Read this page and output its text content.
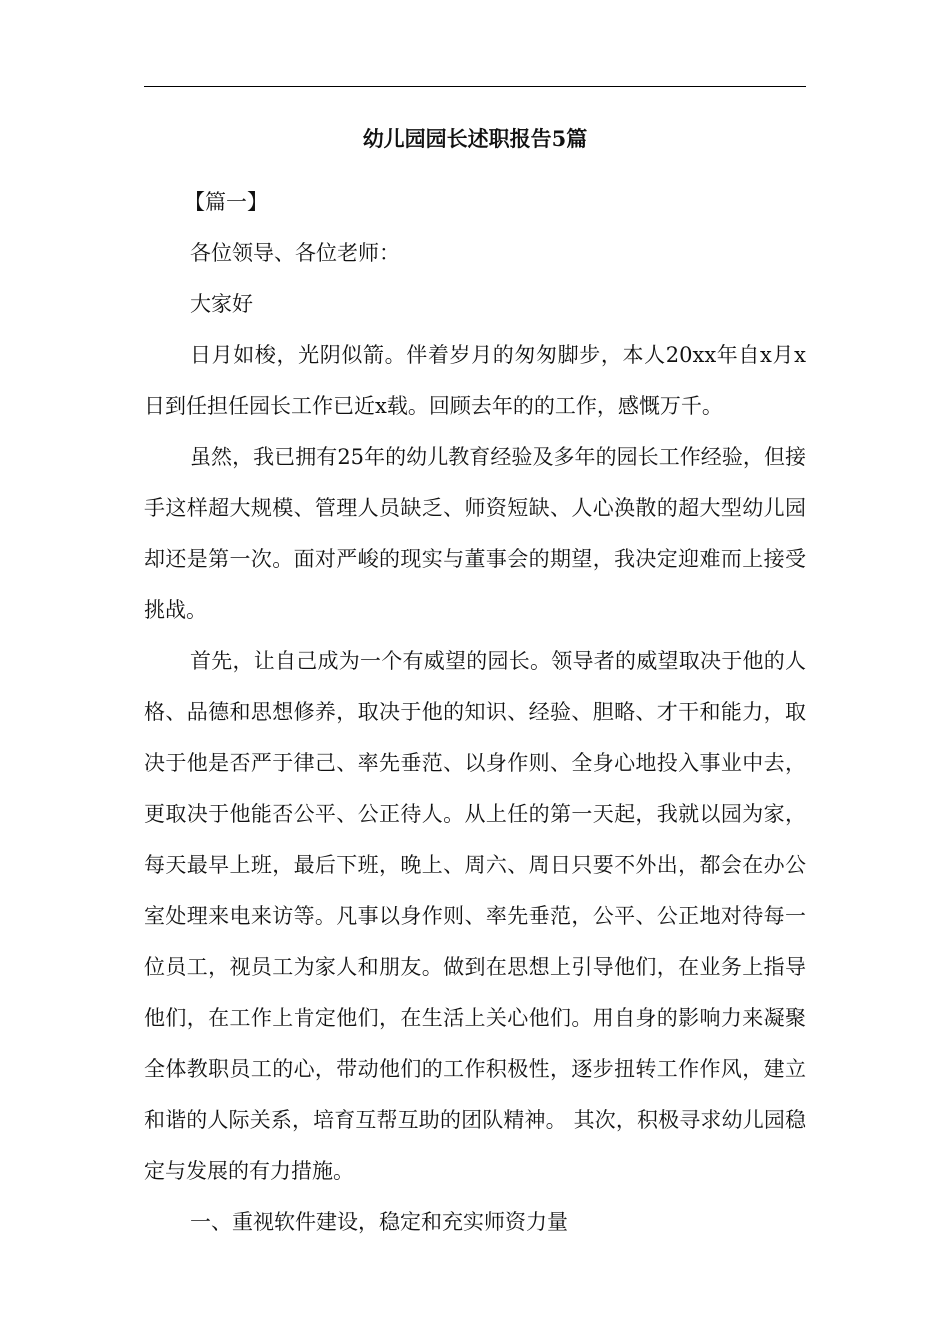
幼儿园园长述职报告5篇

【篇一】

各位领导、各位老师：

大家好

日月如梭，光阴似箭。伴着岁月的匆匆脚步，本人20xx年自x月x日到任担任园长工作已近x载。回顾去年的的工作，感慨万千。

虽然，我已拥有25年的幼儿教育经验及多年的园长工作经验，但接手这样超大规模、管理人员缺乏、师资短缺、人心涣散的超大型幼儿园却还是第一次。面对严峻的现实与董事会的期望，我决定迎难而上接受挑战。

首先，让自己成为一个有威望的园长。领导者的威望取决于他的人格、品德和思想修养，取决于他的知识、经验、胆略、才干和能力，取决于他是否严于律己、率先垂范、以身作则、全身心地投入事业中去，更取决于他能否公平、公正待人。从上任的第一天起，我就以园为家，每天最早上班，最后下班，晚上、周六、周日只要不外出，都会在办公室处理来电来访等。凡事以身作则、率先垂范，公平、公正地对待每一位员工，视员工为家人和朋友。做到在思想上引导他们，在业务上指导他们，在工作上肯定他们，在生活上关心他们。用自身的影响力来凝聚全体教职员工的心，带动他们的工作积极性，逐步扭转工作作风，建立和谐的人际关系，培育互帮互助的团队精神。 其次，积极寻求幼儿园稳定与发展的有力措施。

一、重视软件建设，稳定和充实师资力量
